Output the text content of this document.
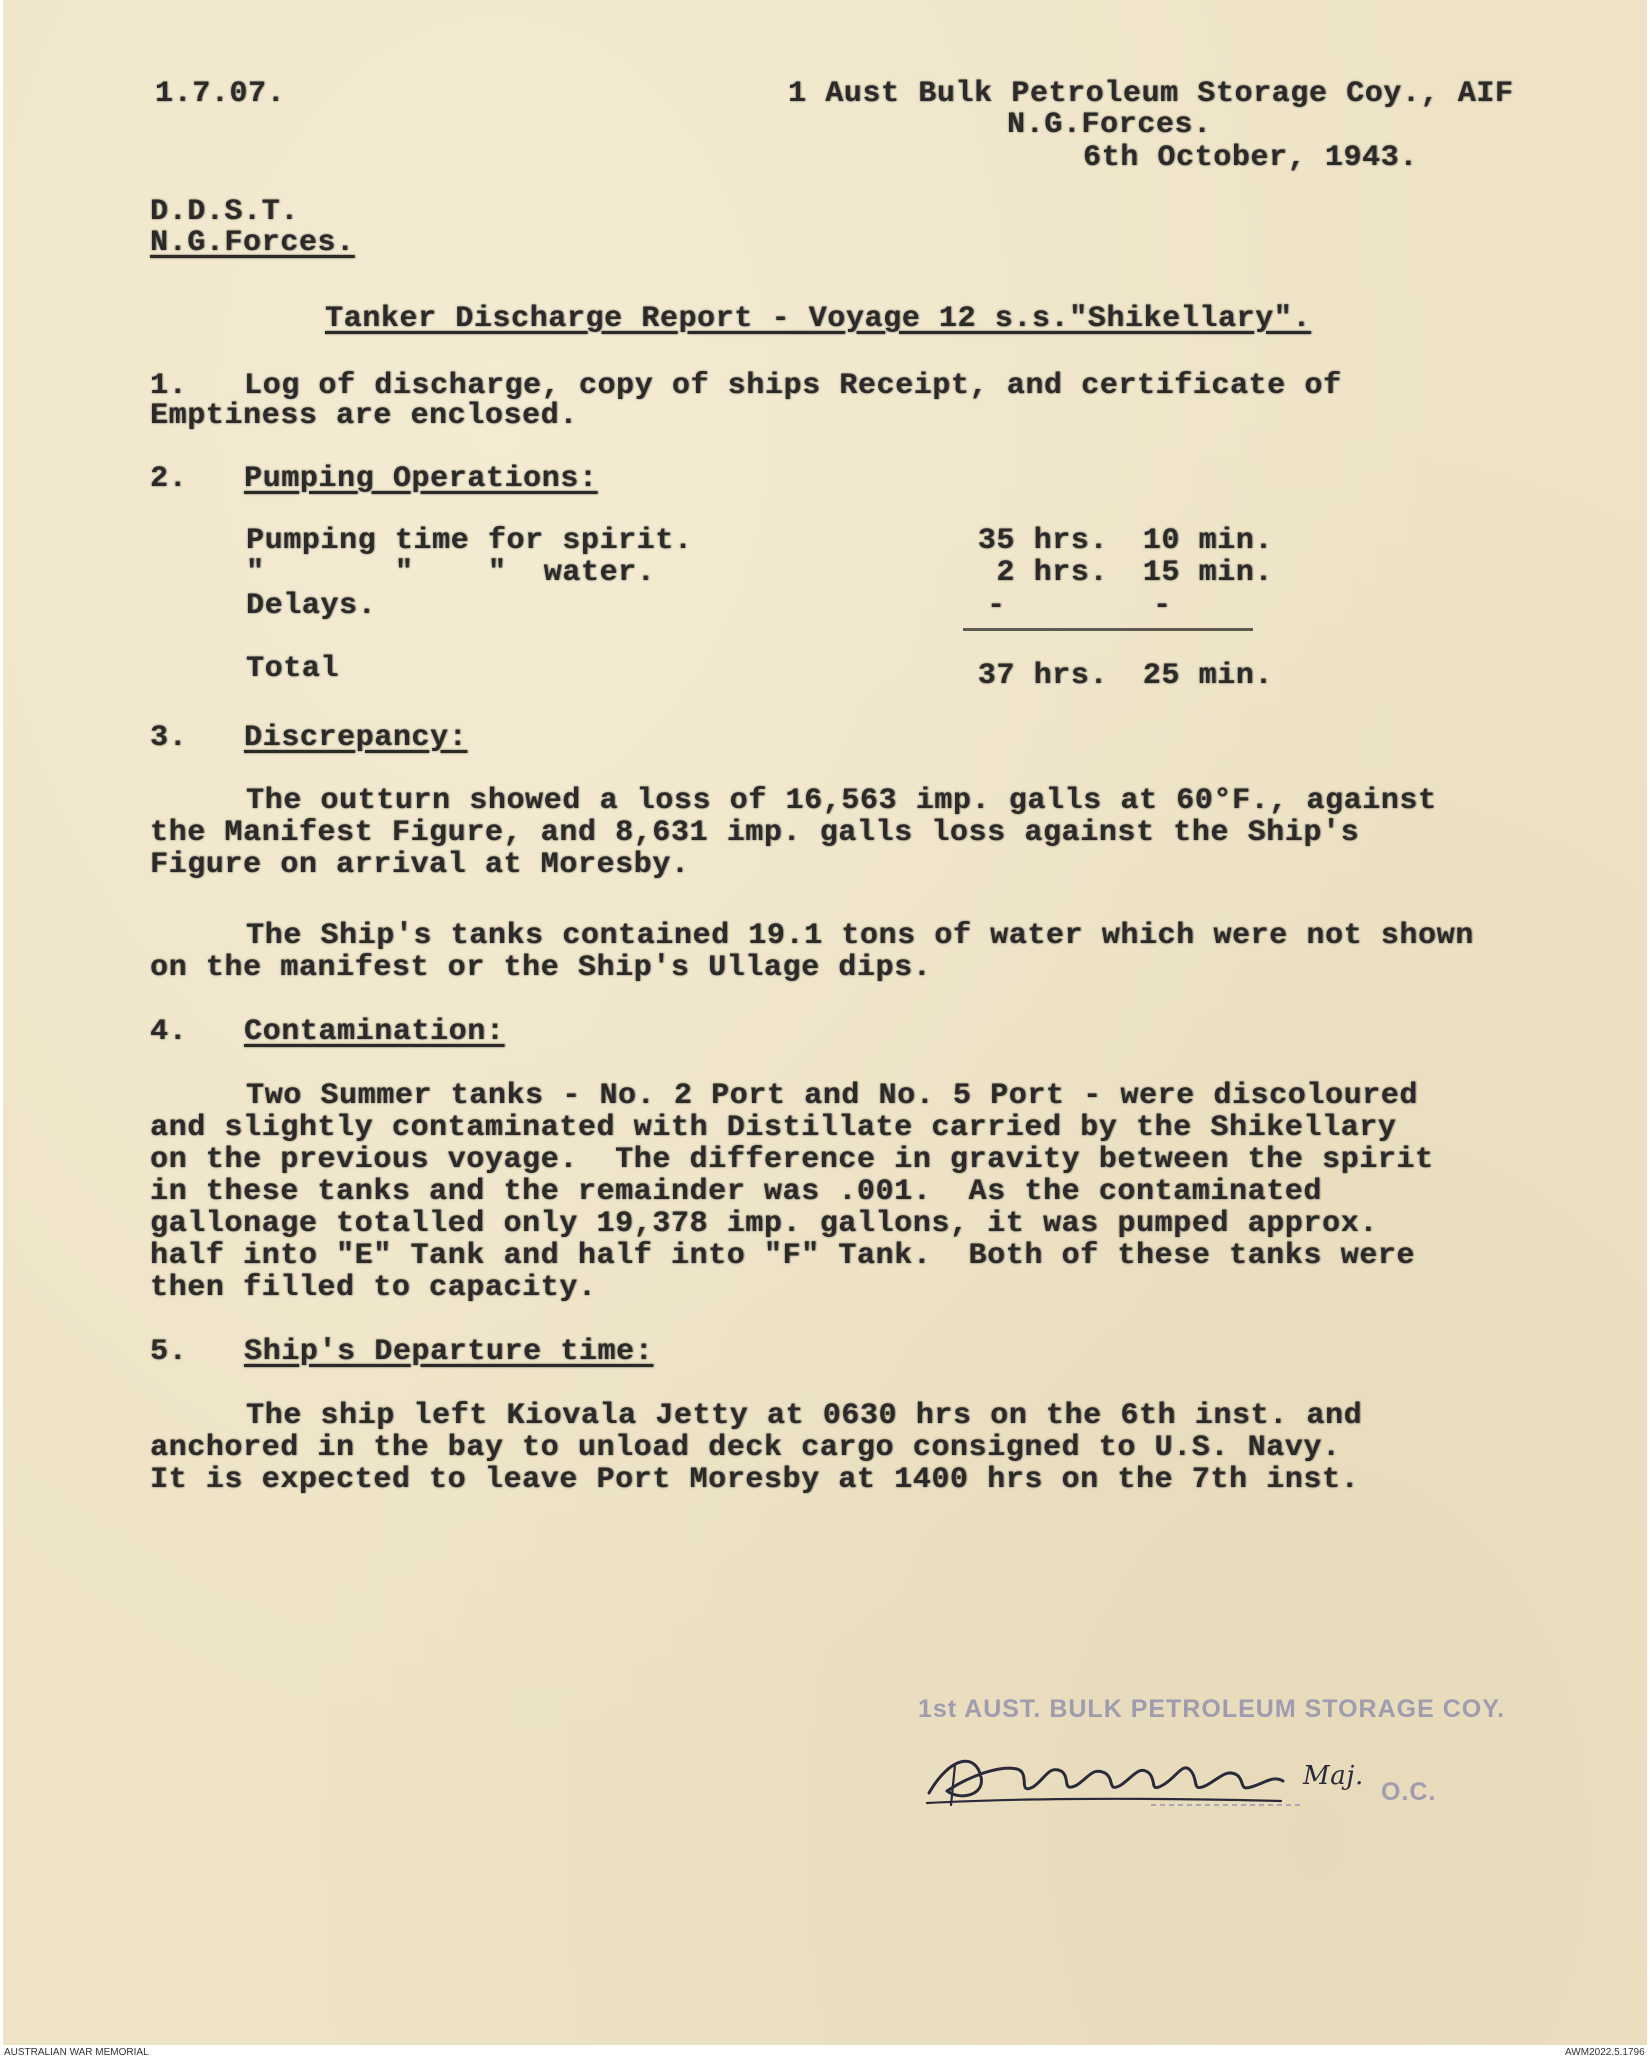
1.7.07.	1 Aust Bulk Petroleum Storage Coy., AIF
N.G.Forces.
6th October, 1943.
D.D.S.T.
N.G.Forces.
Tanker Discharge Report - Voyage 12 s.s."Shikellary".
1. Log of discharge, copy of ships Receipt, and certificate of
Emptiness are enclosed.
2. Pumping Operations:
Pumping time for spirit.	35 hrs.	10 min.
"       "    "  water.	2 hrs.	15 min.
Delays.	-	-
Total	37 hrs.	25 min.
3. Discrepancy:
The outturn showed a loss of 16,563 imp. galls at 60°F., against
the Manifest Figure, and 8,631 imp. galls loss against the Ship's
Figure on arrival at Moresby.
The Ship's tanks contained 19.1 tons of water which were not shown
on the manifest or the Ship's Ullage dips.
4. Contamination:
Two Summer tanks - No. 2 Port and No. 5 Port - were discoloured
and slightly contaminated with Distillate carried by the Shikellary
on the previous voyage.  The difference in gravity between the spirit
in these tanks and the remainder was .001.  As the contaminated
gallonage totalled only 19,378 imp. gallons, it was pumped approx.
half into "E" Tank and half into "F" Tank.  Both of these tanks were
then filled to capacity.
5. Ship's Departure time:
The ship left Kiovala Jetty at 0630 hrs on the 6th inst. and
anchored in the bay to unload deck cargo consigned to U.S. Navy.
It is expected to leave Port Moresby at 1400 hrs on the 7th inst.
1st AUST. BULK PETROLEUM STORAGE COY.
Maj.
O.C.
AUSTRALIAN WAR MEMORIAL	AWM2022.5.1796
